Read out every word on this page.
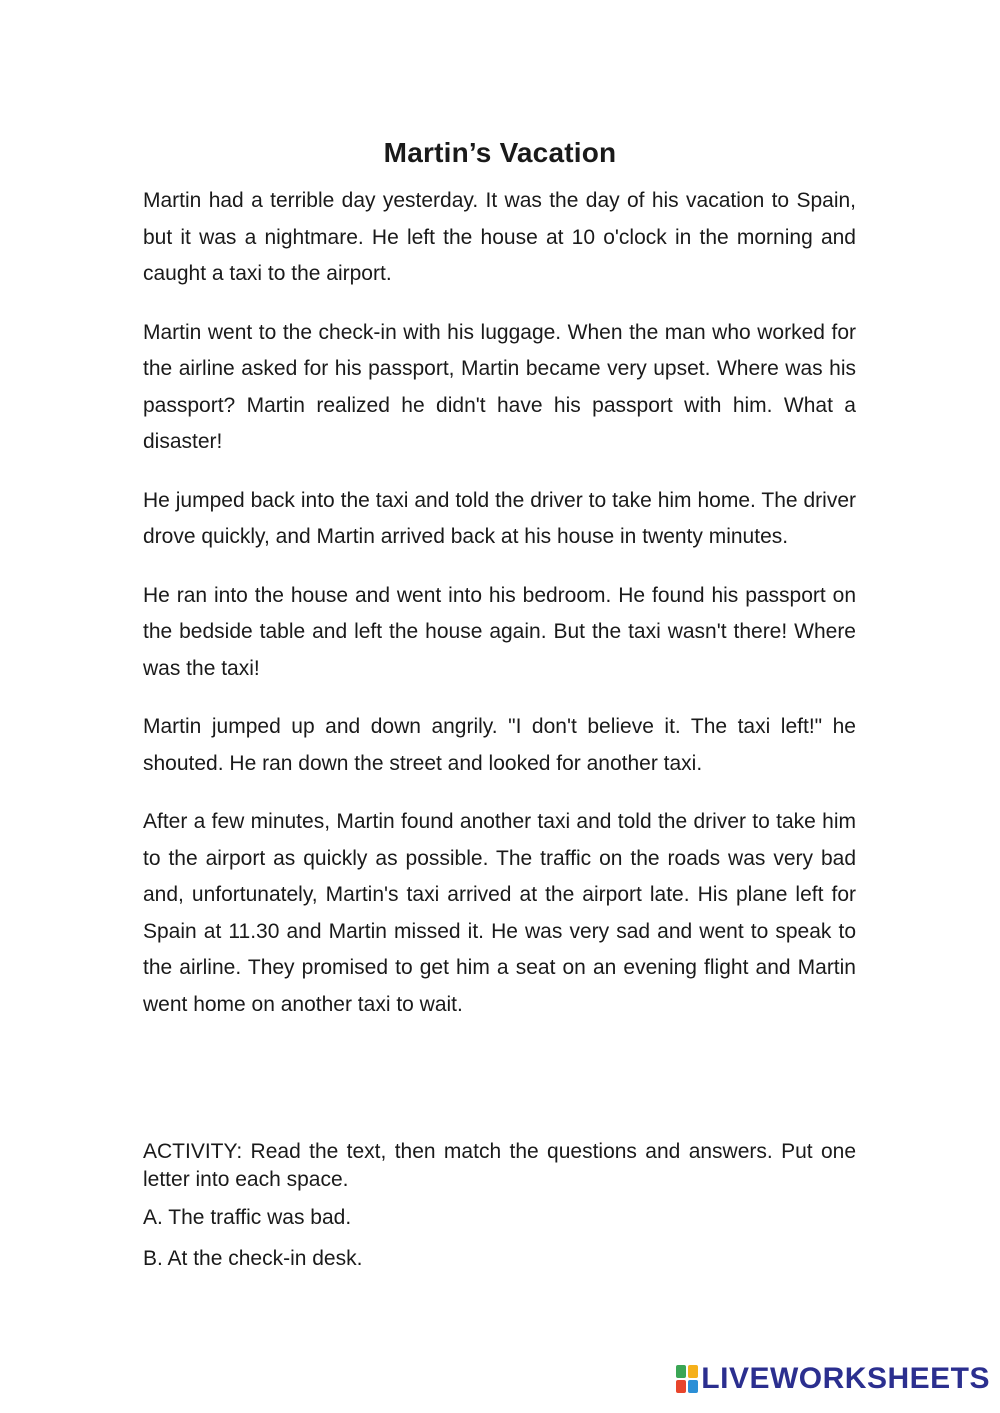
Martin’s Vacation

Martin had a terrible day yesterday. It was the day of his vacation to Spain, but it was a nightmare. He left the house at 10 o'clock in the morning and caught a taxi to the airport.

Martin went to the check-in with his luggage. When the man who worked for the airline asked for his passport, Martin became very upset. Where was his passport? Martin realized he didn't have his passport with him. What a disaster!

He jumped back into the taxi and told the driver to take him home. The driver drove quickly, and Martin arrived back at his house in twenty minutes.

He ran into the house and went into his bedroom. He found his passport on the bedside table and left the house again. But the taxi wasn't there! Where was the taxi!

Martin jumped up and down angrily. "I don't believe it. The taxi left!" he shouted. He ran down the street and looked for another taxi.

After a few minutes, Martin found another taxi and told the driver to take him to the airport as quickly as possible. The traffic on the roads was very bad and, unfortunately, Martin's taxi arrived at the airport late. His plane left for Spain at 11.30 and Martin missed it. He was very sad and went to speak to the airline. They promised to get him a seat on an evening flight and Martin went home on another taxi to wait.

ACTIVITY: Read the text, then match the questions and answers. Put one letter into each space.

A. The traffic was bad.

B. At the check-in desk.

LIVEWORKSHEETS
